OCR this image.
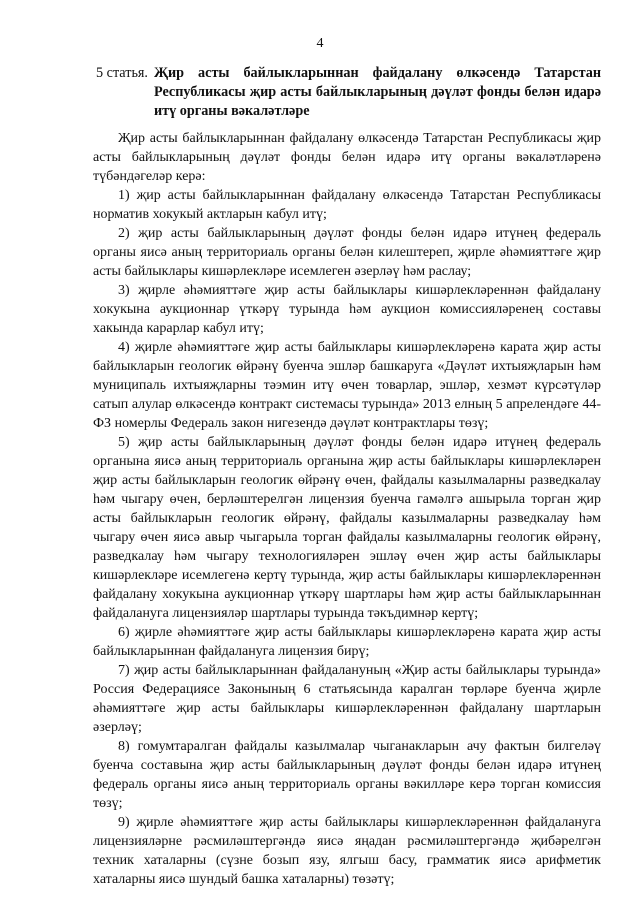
4
5 статья. Җир асты байлыкларыннан файдалану өлкәсендә Татарстан Республикасы җир асты байлыкларының дәүләт фонды белән идарә итү органы вәкаләтләре

Җир асты байлыкларыннан файдалану өлкәсендә Татарстан Республикасы җир асты байлыкларының дәүләт фонды белән идарә итү органы вәкаләтләренә түбәндәгеләр керә:

1) җир асты байлыкларыннан файдалану өлкәсендә Татарстан Республикасы норматив хокукый актларын кабул итү;

2) җир асты байлыкларының дәүләт фонды белән идарә итүнең федераль органы яисә аның территориаль органы белән килештереп, җирле әһәмияттәге җир асты байлыклары кишәрлекләре исемлеген әзерләү һәм раслау;

3) җирле әһәмияттәге җир асты байлыклары кишәрлекләреннән файдалану хокукына аукционнар үткәрү турында һәм аукцион комиссияләренең составы хакында карарлар кабул итү;

4) җирле әһәмияттәге җир асты байлыклары кишәрлекләренә карата җир асты байлыкларын геологик өйрәнү буенча эшләр башкаруга «Дәүләт ихтыяҗларын һәм муниципаль ихтыяҗларны тәэмин итү өчен товарлар, эшләр, хезмәт күрсәтүләр сатып алулар өлкәсендә контракт системасы турында» 2013 елның 5 апрелендәге 44-ФЗ номерлы Федераль закон нигезендә дәүләт контрактлары төзү;

5) җир асты байлыкларының дәүләт фонды белән идарә итүнең федераль органына яисә аның территориаль органына җир асты байлыклары кишәрлекләрен җир асты байлыкларын геологик өйрәнү өчен, файдалы казылмаларны разведкалау һәм чыгару өчен, берләштерелгән лицензия буенча гамәлгә ашырыла торган җир асты байлыкларын геологик өйрәнү, файдалы казылмаларны разведкалау һәм чыгару өчен яисә авыр чыгарыла торган файдалы казылмаларны геологик өйрәнү, разведкалау һәм чыгару технологияләрен эшләү өчен җир асты байлыклары кишәрлекләре исемлегенә кертү турында, җир асты байлыклары кишәрлекләреннән файдалану хокукына аукционнар үткәрү шартлары һәм җир асты байлыкларыннан файдалануга лицензияләр шартлары турында тәкъдимнәр кертү;

6) җирле әһәмияттәге җир асты байлыклары кишәрлекләренә карата җир асты байлыкларыннан файдалануга лицензия бирү;

7) җир асты байлыкларыннан файдалануның «Җир асты байлыклары турында» Россия Федерациясе Законының 6 статьясында каралган төрләре буенча җирле әһәмияттәге җир асты байлыклары кишәрлекләреннән файдалану шартларын әзерләү;

8) гомумтаралган файдалы казылмалар чыганакларын ачу фактын билгеләү буенча составына җир асты байлыкларының дәүләт фонды белән идарә итүнең федераль органы яисә аның территориаль органы вәкилләре керә торган комиссия төзү;

9) җирле әһәмияттәге җир асты байлыклары кишәрлекләреннән файдалануга лицензияләрне рәсмиләштергәндә яисә яңадан рәсмиләштергәндә җибәрелгән техник хаталарны (сүзне бозып язу, ялгыш басу, грамматик яисә арифметик хаталарны яисә шундый башка хаталарны) төзәтү;
